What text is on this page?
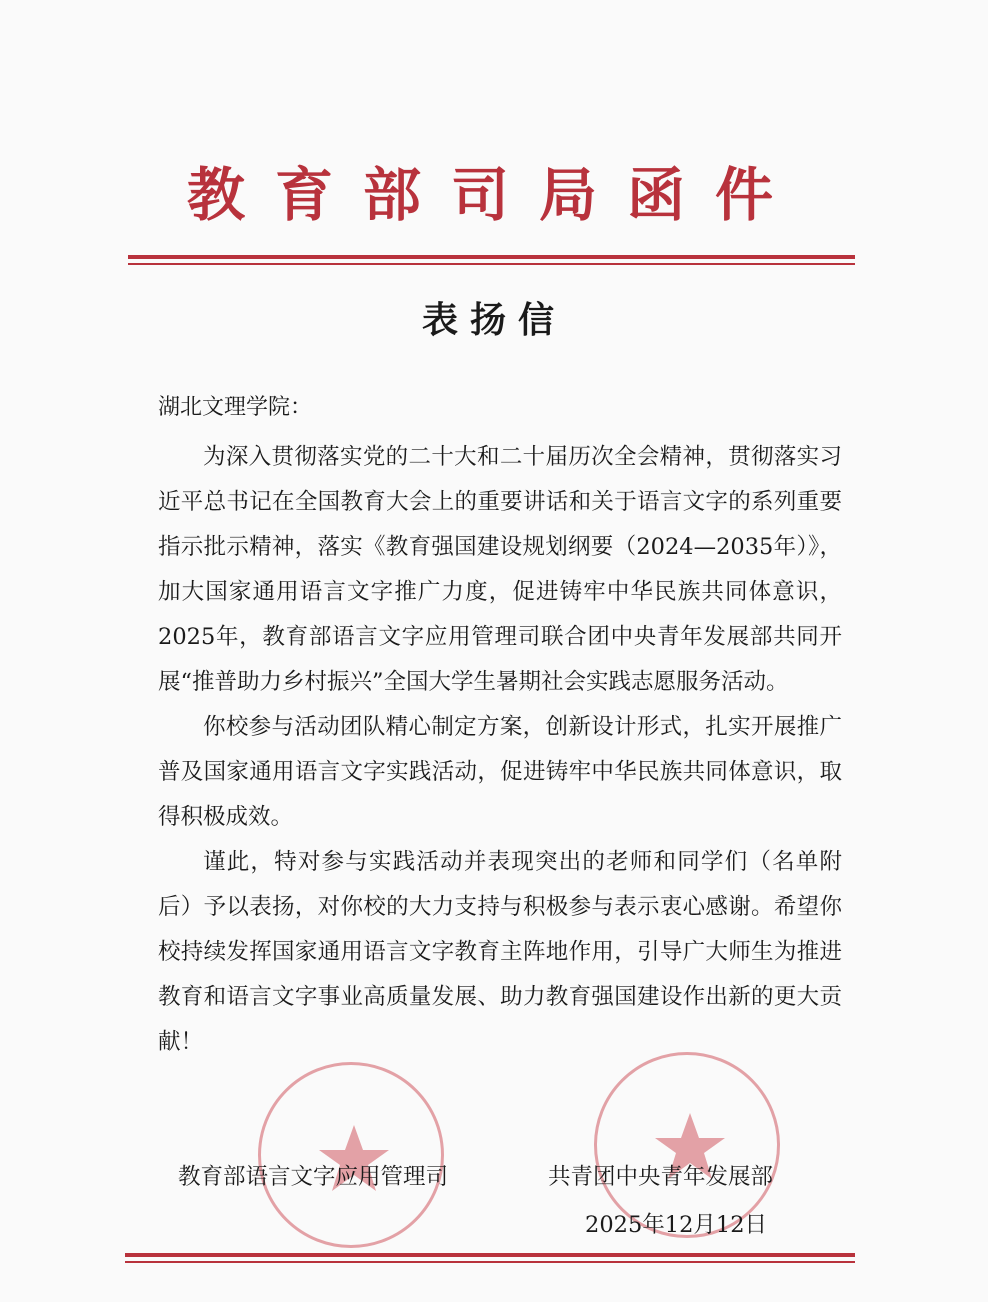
教育部司局函件
表扬信
湖北文理学院：

为深入贯彻落实党的二十大和二十届历次全会精神，贯彻落实习近平总书记在全国教育大会上的重要讲话和关于语言文字的系列重要指示批示精神，落实《教育强国建设规划纲要（2024—2035年）》，加大国家通用语言文字推广力度，促进铸牢中华民族共同体意识，2025年，教育部语言文字应用管理司联合团中央青年发展部共同开展“推普助力乡村振兴”全国大学生暑期社会实践志愿服务活动。

你校参与活动团队精心制定方案，创新设计形式，扎实开展推广普及国家通用语言文字实践活动，促进铸牢中华民族共同体意识，取得积极成效。

谨此，特对参与实践活动并表现突出的老师和同学们（名单附后）予以表扬，对你校的大力支持与积极参与表示衷心感谢。希望你校持续发挥国家通用语言文字教育主阵地作用，引导广大师生为推进教育和语言文字事业高质量发展、助力教育强国建设作出新的更大贡献！

教育部语言文字应用管理司	共青团中央青年发展部
2025年12月12日
